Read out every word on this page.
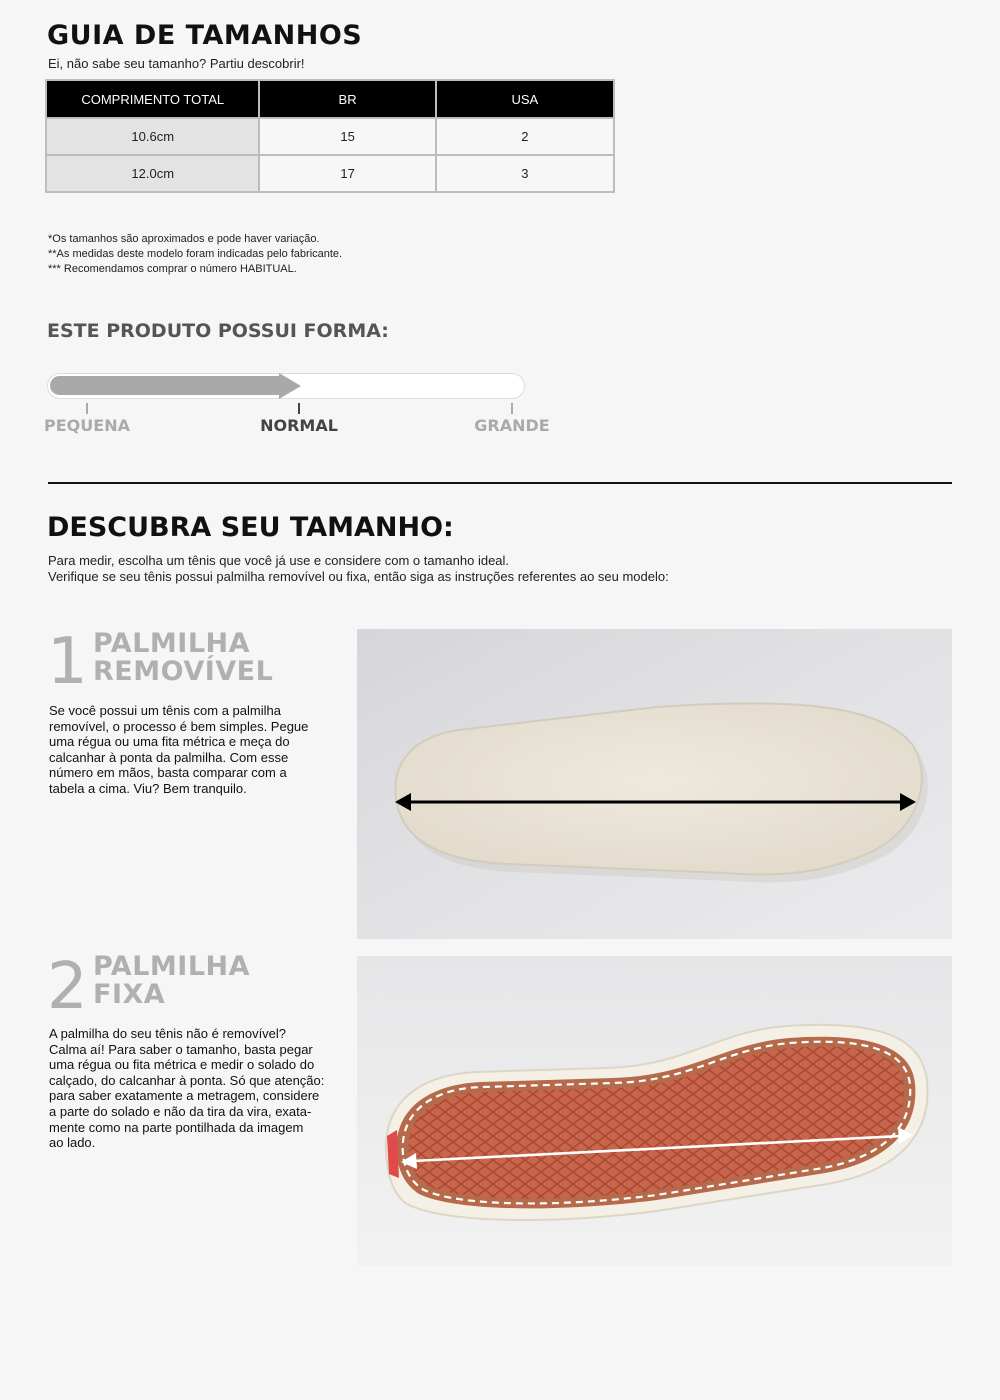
GUIA DE TAMANHOS
Ei, não sabe seu tamanho? Partiu descobrir!
COMPRIMENTO TOTAL	BR	USA
10.6cm	15	2
12.0cm	17	3
*Os tamanhos são aproximados e pode haver variação.
**As medidas deste modelo foram indicadas pelo fabricante.
*** Recomendamos comprar o número HABITUAL.
ESTE PRODUTO POSSUI FORMA:
PEQUENA	NORMAL	GRANDE
DESCUBRA SEU TAMANHO:
Para medir, escolha um tênis que você já use e considere com o tamanho ideal.
Verifique se seu tênis possui palmilha removível ou fixa, então siga as instruções referentes ao seu modelo:
1 PALMILHA
REMOVÍVEL
Se você possui um tênis com a palmilha
removível, o processo é bem simples. Pegue
uma régua ou uma fita métrica e meça do
calcanhar à ponta da palmilha. Com esse
número em mãos, basta comparar com a
tabela a cima. Viu? Bem tranquilo.
2 PALMILHA
FIXA
A palmilha do seu tênis não é removível?
Calma aí! Para saber o tamanho, basta pegar
uma régua ou fita métrica e medir o solado do
calçado, do calcanhar à ponta. Só que atenção:
para saber exatamente a metragem, considere
a parte do solado e não da tira da vira, exata-
mente como na parte pontilhada da imagem
ao lado.
